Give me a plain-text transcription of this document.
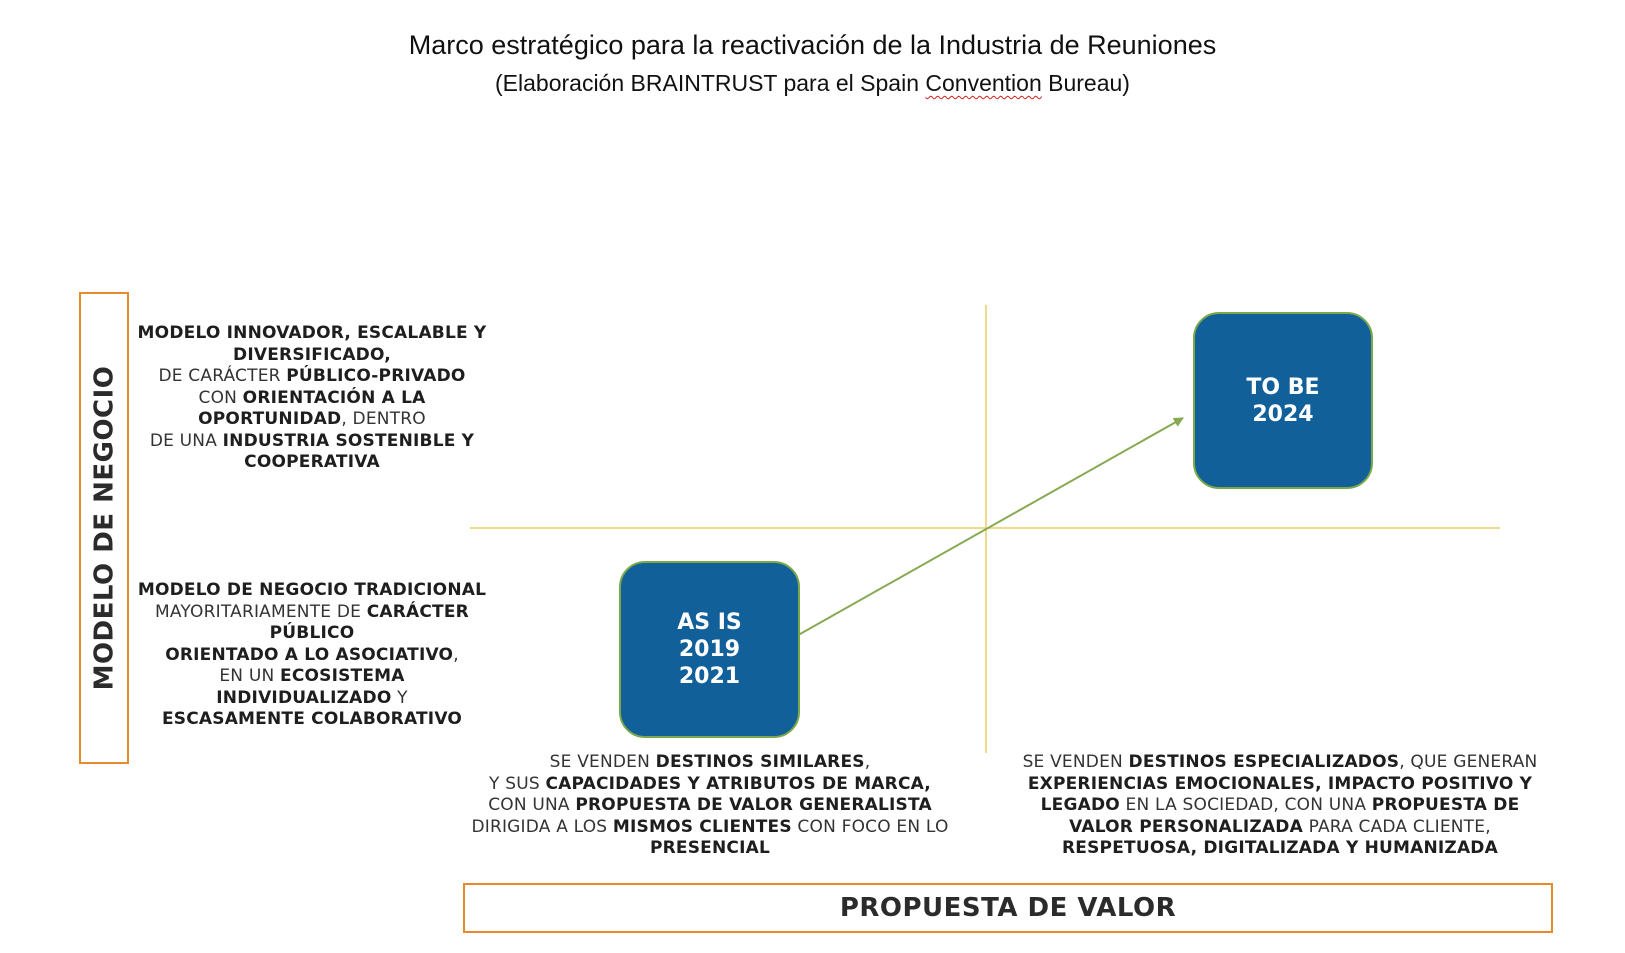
Marco estratégico para la reactivación de la Industria de Reuniones
(Elaboración BRAINTRUST para el Spain Convention Bureau)
MODELO DE NEGOCIO
PROPUESTA DE VALOR
MODELO INNOVADOR, ESCALABLE Y DIVERSIFICADO,
DE CARÁCTER PÚBLICO-PRIVADO
CON ORIENTACIÓN A LA OPORTUNIDAD, DENTRO
DE UNA INDUSTRIA SOSTENIBLE Y COOPERATIVA
MODELO DE NEGOCIO TRADICIONAL
MAYORITARIAMENTE DE CARÁCTER PÚBLICO
ORIENTADO A LO ASOCIATIVO,
EN UN ECOSISTEMA INDIVIDUALIZADO Y
ESCASAMENTE COLABORATIVO
SE VENDEN DESTINOS SIMILARES,
Y SUS CAPACIDADES Y ATRIBUTOS DE MARCA,
CON UNA PROPUESTA DE VALOR GENERALISTA
DIRIGIDA A LOS MISMOS CLIENTES CON FOCO EN LO
PRESENCIAL
SE VENDEN DESTINOS ESPECIALIZADOS, QUE GENERAN
EXPERIENCIAS EMOCIONALES, IMPACTO POSITIVO Y
LEGADO EN LA SOCIEDAD, CON UNA PROPUESTA DE
VALOR PERSONALIZADA PARA CADA CLIENTE,
RESPETUOSA, DIGITALIZADA Y HUMANIZADA
AS IS
2019
2021
TO BE
2024
